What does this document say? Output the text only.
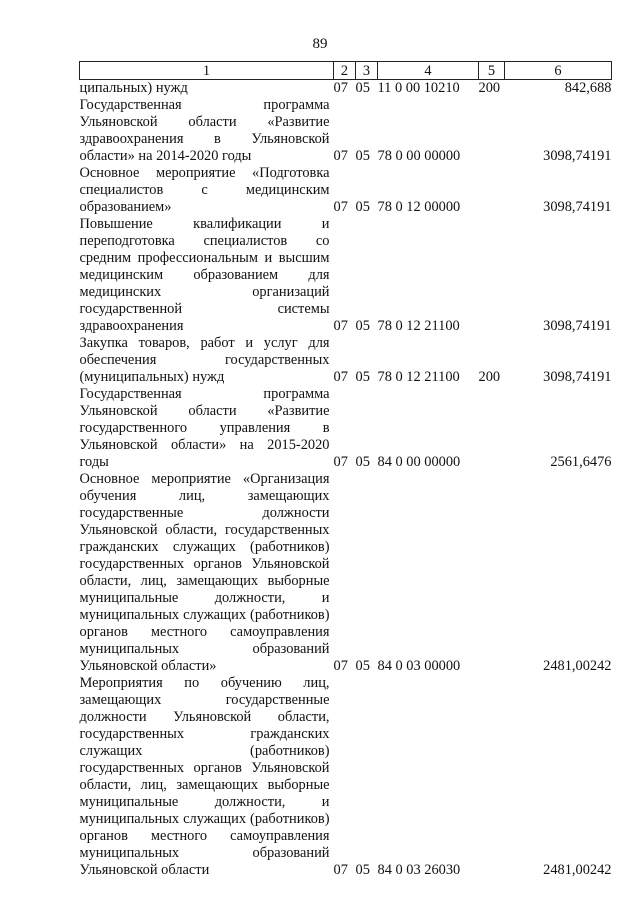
89
1	2	3	4	5	6
ципальных) нужд	07	05	11 0 00 10210	200	842,688
Государственная программа Ульяновской области «Развитие здравоохранения в Ульяновской области» на 2014-2020 годы	07	05	78 0 00 00000		3098,74191
Основное мероприятие «Подготовка специалистов с медицинским образованием»	07	05	78 0 12 00000		3098,74191
Повышение квалификации и переподготовка специалистов со средним профессиональным и высшим медицинским образованием для медицинских организаций государственной системы здравоохранения	07	05	78 0 12 21100		3098,74191
Закупка товаров, работ и услуг для обеспечения государственных (муниципальных) нужд	07	05	78 0 12 21100	200	3098,74191
Государственная программа Ульяновской области «Развитие государственного управления в Ульяновской области» на 2015-2020 годы	07	05	84 0 00 00000		2561,6476
Основное мероприятие «Организация обучения лиц, замещающих государственные должности Ульяновской области, государственных гражданских служащих (работников) государственных органов Ульяновской области, лиц, замещающих выборные муниципальные должности, и муниципальных служащих (работников) органов местного самоуправления муниципальных образований Ульяновской области»	07	05	84 0 03 00000		2481,00242
Мероприятия по обучению лиц, замещающих государственные должности Ульяновской области, государственных гражданских служащих (работников) государственных органов Ульяновской области, лиц, замещающих выборные муниципальные должности, и муниципальных служащих (работников) органов местного самоуправления муниципальных образований Ульяновской области	07	05	84 0 03 26030		2481,00242
